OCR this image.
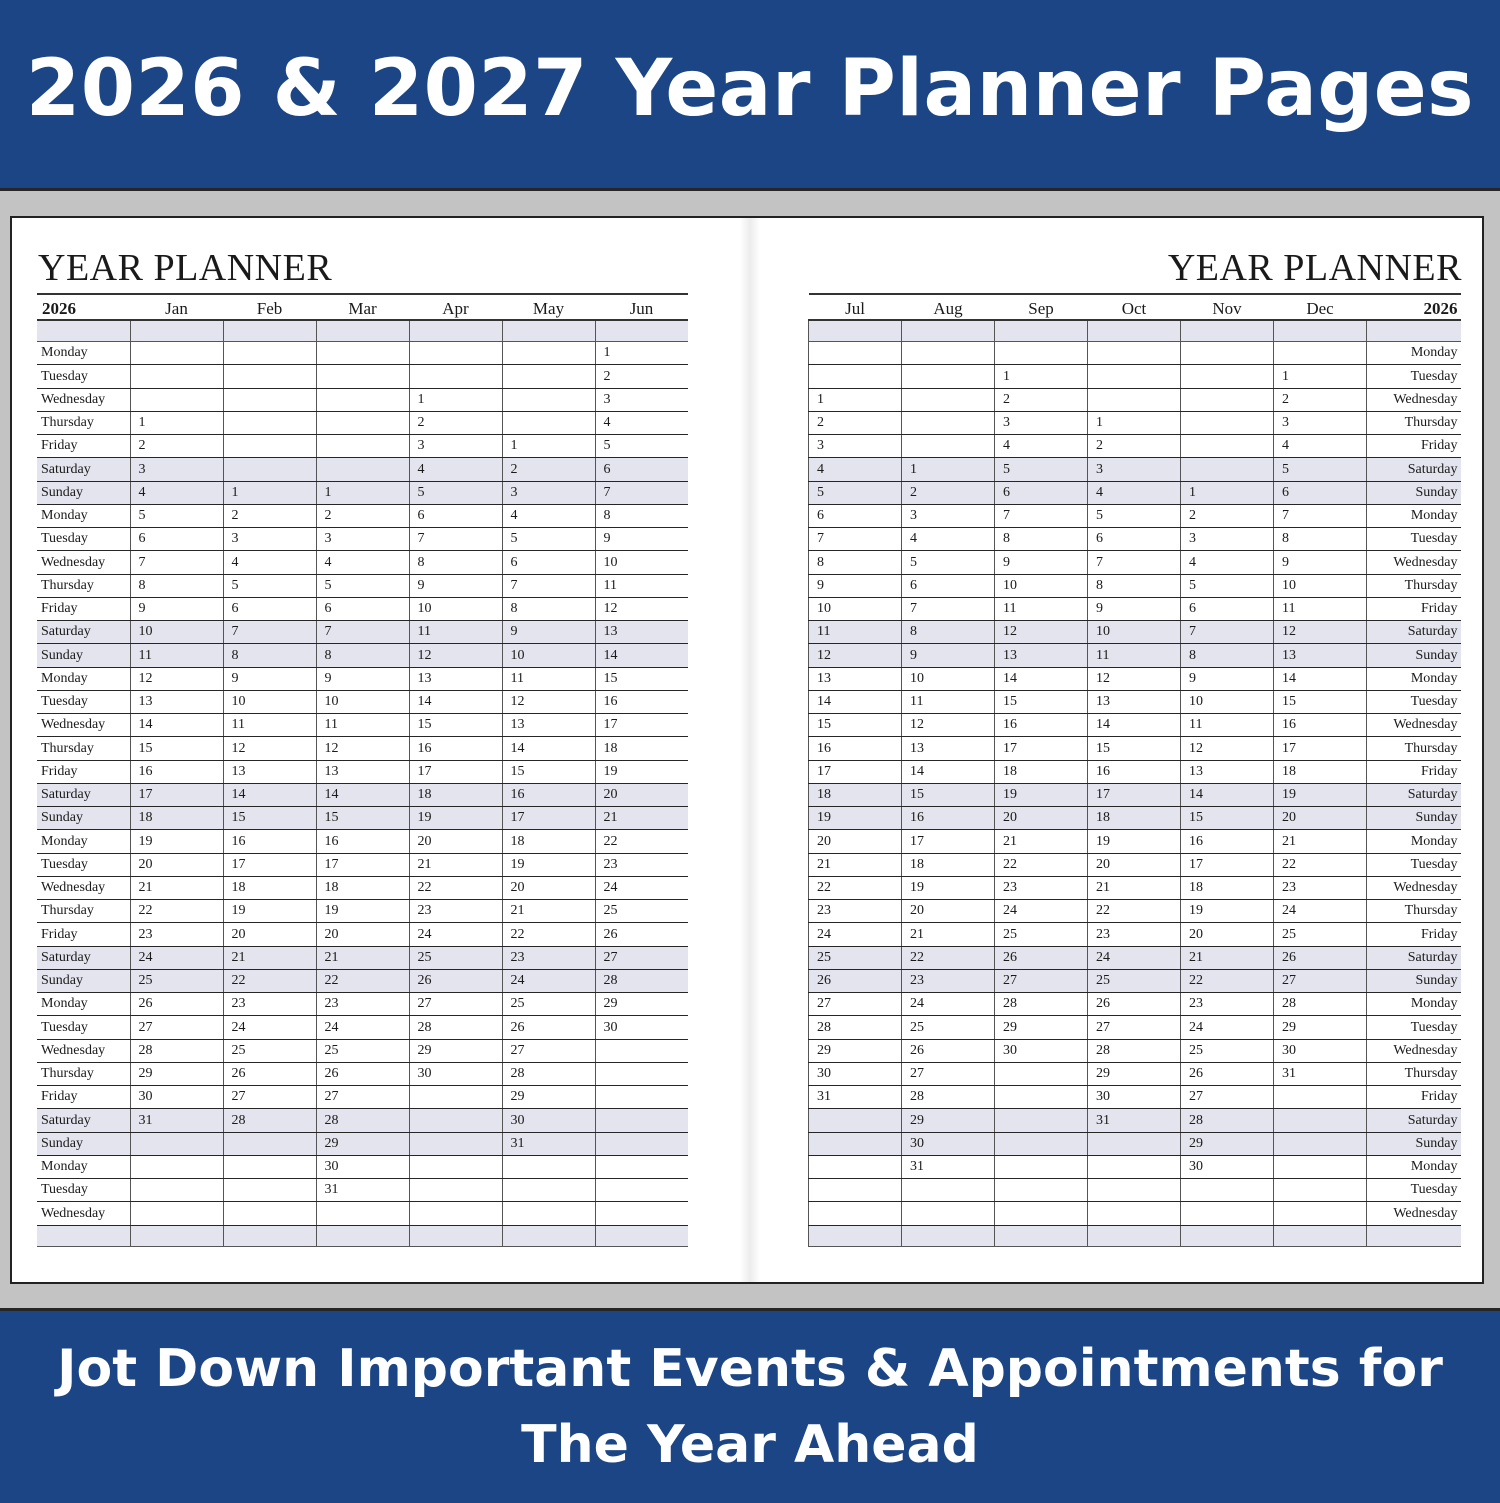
2026 & 2027 Year Planner Pages
YEAR PLANNER
2026	Jan	Feb	Mar	Apr	May	Jun

Monday						1
Tuesday						2
Wednesday				1		3
Thursday	1			2		4
Friday	2			3	1	5
Saturday	3			4	2	6
Sunday	4	1	1	5	3	7
Monday	5	2	2	6	4	8
Tuesday	6	3	3	7	5	9
Wednesday	7	4	4	8	6	10
Thursday	8	5	5	9	7	11
Friday	9	6	6	10	8	12
Saturday	10	7	7	11	9	13
Sunday	11	8	8	12	10	14
Monday	12	9	9	13	11	15
Tuesday	13	10	10	14	12	16
Wednesday	14	11	11	15	13	17
Thursday	15	12	12	16	14	18
Friday	16	13	13	17	15	19
Saturday	17	14	14	18	16	20
Sunday	18	15	15	19	17	21
Monday	19	16	16	20	18	22
Tuesday	20	17	17	21	19	23
Wednesday	21	18	18	22	20	24
Thursday	22	19	19	23	21	25
Friday	23	20	20	24	22	26
Saturday	24	21	21	25	23	27
Sunday	25	22	22	26	24	28
Monday	26	23	23	27	25	29
Tuesday	27	24	24	28	26	30
Wednesday	28	25	25	29	27	
Thursday	29	26	26	30	28	
Friday	30	27	27		29	
Saturday	31	28	28		30	
Sunday			29		31	
Monday			30			
Tuesday			31			
Wednesday						

YEAR PLANNER
Jul	Aug	Sep	Oct	Nov	Dec	2026

						Monday
		1			1	Tuesday
1		2			2	Wednesday
2		3	1		3	Thursday
3		4	2		4	Friday
4	1	5	3		5	Saturday
5	2	6	4	1	6	Sunday
6	3	7	5	2	7	Monday
7	4	8	6	3	8	Tuesday
8	5	9	7	4	9	Wednesday
9	6	10	8	5	10	Thursday
10	7	11	9	6	11	Friday
11	8	12	10	7	12	Saturday
12	9	13	11	8	13	Sunday
13	10	14	12	9	14	Monday
14	11	15	13	10	15	Tuesday
15	12	16	14	11	16	Wednesday
16	13	17	15	12	17	Thursday
17	14	18	16	13	18	Friday
18	15	19	17	14	19	Saturday
19	16	20	18	15	20	Sunday
20	17	21	19	16	21	Monday
21	18	22	20	17	22	Tuesday
22	19	23	21	18	23	Wednesday
23	20	24	22	19	24	Thursday
24	21	25	23	20	25	Friday
25	22	26	24	21	26	Saturday
26	23	27	25	22	27	Sunday
27	24	28	26	23	28	Monday
28	25	29	27	24	29	Tuesday
29	26	30	28	25	30	Wednesday
30	27		29	26	31	Thursday
31	28		30	27		Friday
	29		31	28		Saturday
	30			29		Sunday
	31			30		Monday
						Tuesday
						Wednesday

Jot Down Important Events & Appointments for

The Year Ahead
